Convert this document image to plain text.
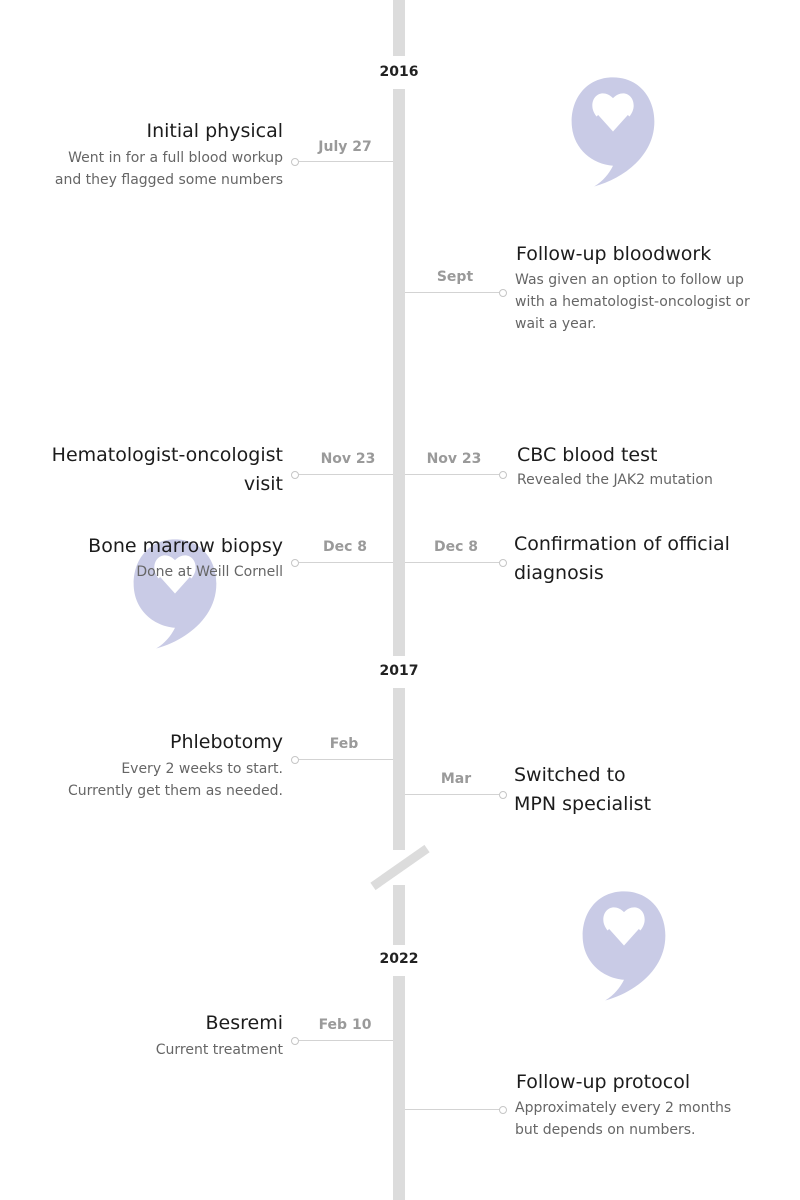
2016
2017
2022
Initial physical
Went in for a full blood workup
and they flagged some numbers
July 27
Follow-up bloodwork
Was given an option to follow up
with a hematologist-oncologist or
wait a year.
Sept
Hematologist-oncologist
visit
Nov 23	CBC blood test
Revealed the JAK2 mutation
Nov 23
Bone marrow biopsy
Done at Weill Cornell
Dec 8	Confirmation of official
diagnosis
Dec 8
Phlebotomy
Every 2 weeks to start.
Currently get them as needed.
Feb
Switched to
MPN specialist
Mar
Besremi
Current treatment
Feb 10
Follow-up protocol
Approximately every 2 months
but depends on numbers.
